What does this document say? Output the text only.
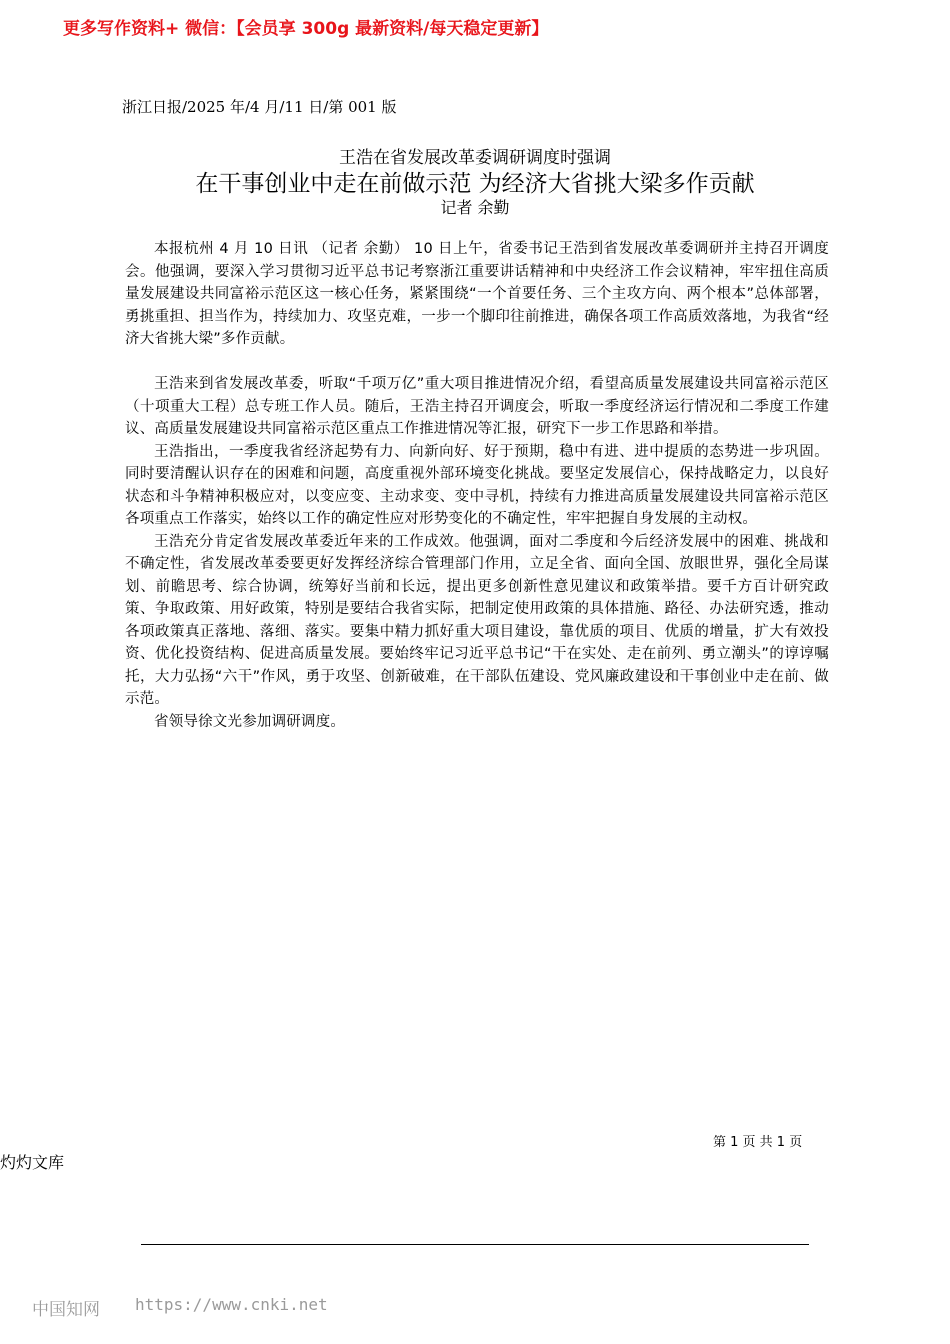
更多写作资料+ 微信：【会员享 300g 最新资料/每天稳定更新】
浙江日报/2025 年/4 月/11 日/第 001 版
王浩在省发展改革委调研调度时强调
在干事创业中走在前做示范 为经济大省挑大梁多作贡献
记者 余勤

本报杭州 4 月 10 日讯 （记者 余勤） 10 日上午，省委书记王浩到省发展改革委调研并主持召开调度会。他强调，要深入学习贯彻习近平总书记考察浙江重要讲话精神和中央经济工作会议精神，牢牢扭住高质量发展建设共同富裕示范区这一核心任务，紧紧围绕“一个首要任务、三个主攻方向、两个根本”总体部署，勇挑重担、担当作为，持续加力、攻坚克难，一步一个脚印往前推进，确保各项工作高质效落地，为我省“经济大省挑大梁”多作贡献。

王浩来到省发展改革委，听取“千项万亿”重大项目推进情况介绍，看望高质量发展建设共同富裕示范区（十项重大工程）总专班工作人员。随后，王浩主持召开调度会，听取一季度经济运行情况和二季度工作建议、高质量发展建设共同富裕示范区重点工作推进情况等汇报，研究下一步工作思路和举措。

王浩指出，一季度我省经济起势有力、向新向好、好于预期，稳中有进、进中提质的态势进一步巩固。同时要清醒认识存在的困难和问题，高度重视外部环境变化挑战。要坚定发展信心，保持战略定力，以良好状态和斗争精神积极应对，以变应变、主动求变、变中寻机，持续有力推进高质量发展建设共同富裕示范区各项重点工作落实，始终以工作的确定性应对形势变化的不确定性，牢牢把握自身发展的主动权。

王浩充分肯定省发展改革委近年来的工作成效。他强调，面对二季度和今后经济发展中的困难、挑战和不确定性，省发展改革委要更好发挥经济综合管理部门作用，立足全省、面向全国、放眼世界，强化全局谋划、前瞻思考、综合协调，统筹好当前和长远，提出更多创新性意见建议和政策举措。要千方百计研究政策、争取政策、用好政策，特别是要结合我省实际，把制定使用政策的具体措施、路径、办法研究透，推动各项政策真正落地、落细、落实。要集中精力抓好重大项目建设，靠优质的项目、优质的增量，扩大有效投资、优化投资结构、促进高质量发展。要始终牢记习近平总书记“干在实处、走在前列、勇立潮头”的谆谆嘱托，大力弘扬“六干”作风，勇于攻坚、创新破难，在干部队伍建设、党风廉政建设和干事创业中走在前、做示范。

省领导徐文光参加调研调度。

第 1 页 共 1 页
灼灼文库
中国知网 https://www.cnki.net
